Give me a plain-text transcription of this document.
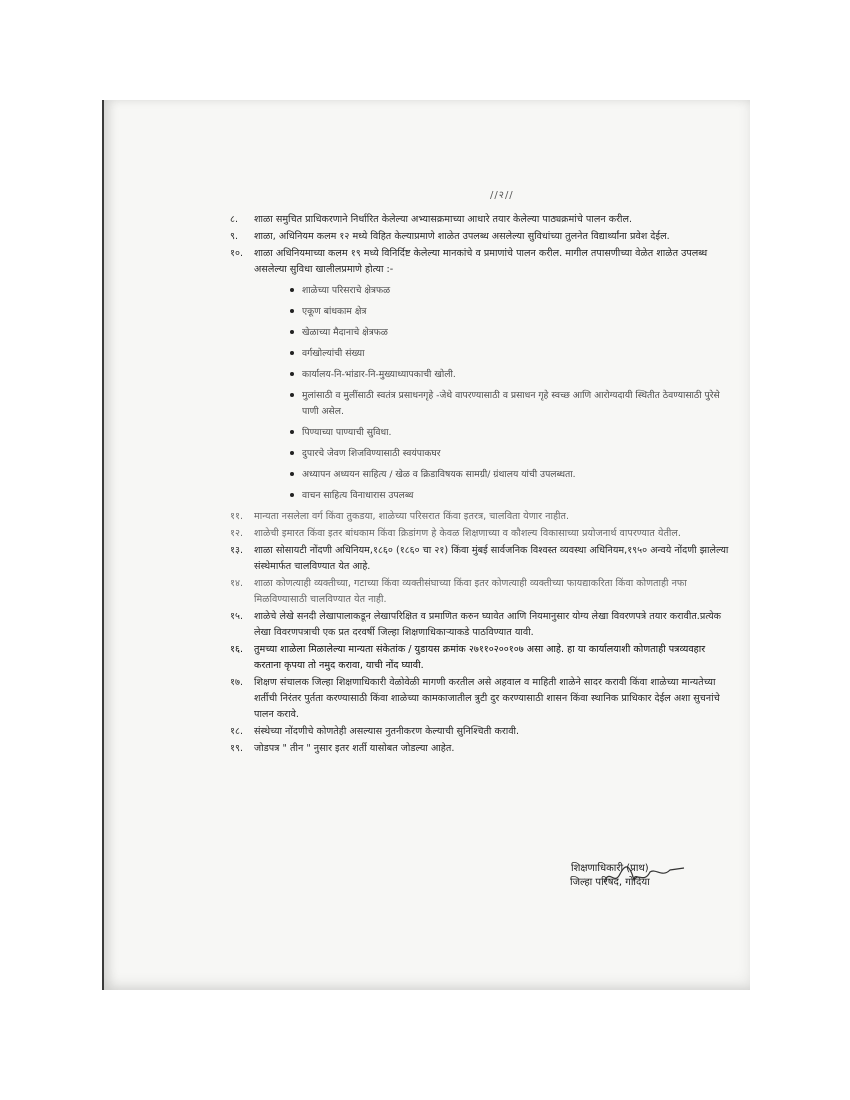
//२//
८.	शाळा समुचित प्राधिकरणाने निर्धारित केलेल्या अभ्यासक्रमाच्या आधारे तयार केलेल्या पाठ्यक्रमांचे पालन करील.
९.	शाळा, अधिनियम कलम १२ मध्ये विहित केल्याप्रमाणे शाळेत उपलब्ध असलेल्या सुविधांच्या तुलनेत विद्यार्थ्यांना प्रवेश देईल.
१०.	शाळा अधिनियमाच्या कलम १९ मध्ये विनिर्दिष्ट केलेल्या मानकांचे व प्रमाणांचे पालन करील. मागील तपासणीच्या वेळेत शाळेत उपलब्ध असलेल्या सुविधा खालीलप्रमाणे होत्या :-
शाळेच्या परिसराचे क्षेत्रफळ
एकूण बांधकाम क्षेत्र
खेळाच्या मैदानाचे क्षेत्रफळ
वर्गखोल्यांची संख्या
कार्यालय-नि-भांडार-नि-मुख्याध्यापकाची खोली.
मुलांसाठी व मुलींसाठी स्वतंत्र प्रसाधनगृहे -जेथे वापरण्यासाठी व प्रसाधन गृहे स्वच्छ आणि आरोग्यदायी स्थितीत ठेवण्यासाठी पुरेसे पाणी असेल.
पिण्याच्या पाण्याची सुविधा.
दुपारचे जेवण शिजविण्यासाठी स्वयंपाकघर
अध्यापन अध्ययन साहित्य / खेळ व क्रिडाविषयक सामग्री/ ग्रंथालय यांची उपलब्धता.
वाचन साहित्य विनाधारास उपलब्ध
११.	मान्यता नसलेला वर्ग किंवा तुकडया, शाळेच्या परिसरात किंवा इतरत्र, चालविता येणार नाहीत.
१२.	शाळेची इमारत किंवा इतर बांधकाम किंवा क्रिडांगण हे केवळ शिक्षणाच्या व कौशल्य विकासाच्या प्रयोजनार्थ वापरण्यात येतील.
१३.	शाळा सोसायटी नोंदणी अधिनियम,१८६० (१८६० चा २१) किंवा मुंबई सार्वजनिक विश्वस्त व्यवस्था अधिनियम,१९५० अन्वये नोंदणी झालेल्या संस्थेमार्फत चालविण्यात येत आहे.
१४.	शाळा कोणत्याही व्यक्तीच्या, गटाच्या किंवा व्यक्तीसंघाच्या किंवा इतर कोणत्याही व्यक्तीच्या फायद्याकरिता किंवा कोणताही नफा मिळविण्यासाठी चालविण्यात येत नाही.
१५.	शाळेचे लेखे सनदी लेखापालाकडून लेखापरिक्षित व प्रमाणित करुन घ्यावेत आणि नियमानुसार योग्य लेखा विवरणपत्रे तयार करावीत.प्रत्येक लेखा विवरणपत्राची एक प्रत दरवर्षी जिल्हा शिक्षणाधिकाऱ्याकडे पाठविण्यात यावी.
१६.	तुमच्या शाळेला मिळालेल्या मान्यता संकेतांक / युडायस क्रमांक २७११०२००१०७ असा आहे. हा या कार्यालयाशी कोणताही पत्रव्यवहार करताना कृपया तो नमुद करावा, याची नोंद घ्यावी.
१७.	शिक्षण संचालक जिल्हा शिक्षणाधिकारी वेळोवेळी मागणी करतील असे अहवाल व माहिती शाळेने सादर करावी किंवा शाळेच्या मान्यतेच्या शर्तीची निरंतर पुर्तता करण्यासाठी किंवा शाळेच्या कामकाजातील त्रुटी दुर करण्यासाठी शासन किंवा स्थानिक प्राधिकार देईल अशा सुचनांचे पालन करावे.
१८.	संस्थेच्या नोंदणीचे कोणतेही असल्यास नुतनीकरण केल्याची सुनिश्चिती करावी.
१९.	जोडपत्र " तीन " नुसार इतर शर्ती यासोबत जोडल्या आहेत.
शिक्षणाधिकारी (प्राथ)
जिल्हा परिषद, गोंदिया
